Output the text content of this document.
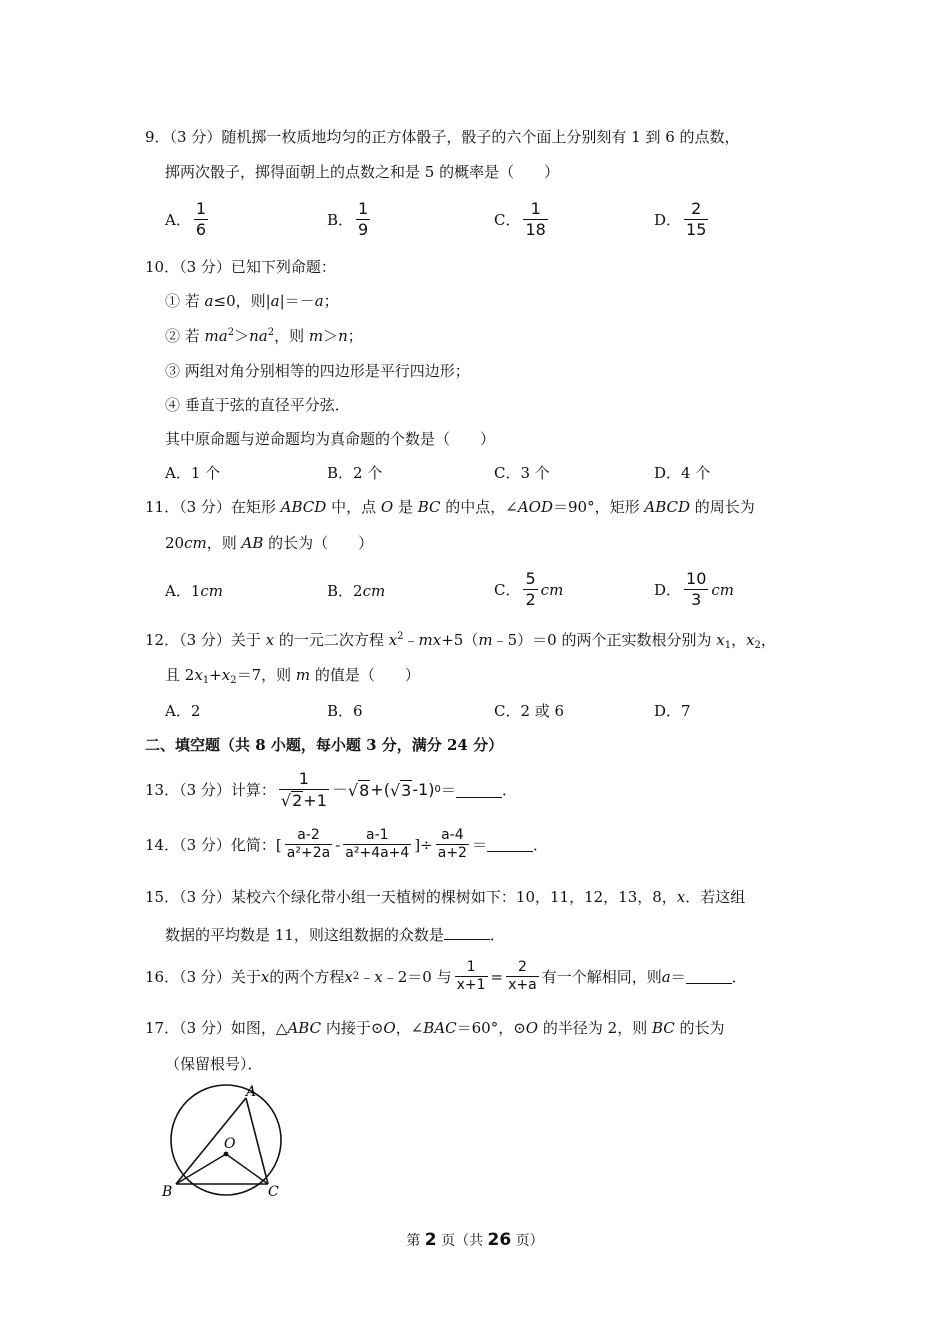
9．（3 分）随机掷一枚质地均匀的正方体骰子，骰子的六个面上分别刻有 1 到 6 的点数，
掷两次骰子，掷得面朝上的点数之和是 5 的概率是（　　）
A． $\frac{1}{6}$	B． $\frac{1}{9}$	C． $\frac{1}{18}$	D． $\frac{2}{15}$
10．（3 分）已知下列命题：
① 若 a≤0，则|a|＝－a；
② 若 $ma^2>na^2$，则 m＞n；
③ 两组对角分别相等的四边形是平行四边形；
④ 垂直于弦的直径平分弦．
其中原命题与逆命题均为真命题的个数是（　　）
A．1 个	B．2 个	C．3 个	D．4 个
11．（3 分）在矩形 ABCD 中，点 O 是 BC 的中点，∠AOD＝90°，矩形 ABCD 的周长为
20cm，则 AB 的长为（　　）
A．1cm	B．2cm	C． $\frac{5}{2}$ cm	D． $\frac{10}{3}$ cm
12．（3 分）关于 x 的一元二次方程 $x^2﹣mx+5(m﹣5)=0$ 的两个正实数根分别为 $x_1$，$x_2$，
且 $2x_1+x_2=7$，则 m 的值是（　　）
A．2	B．6	C．2 或 6	D．7
二、填空题（共 8 小题，每小题 3 分，满分 24 分）
13．（3 分）计算： $\frac{1}{√ 2 +1}$ － √ 8 +( √ 3 -1) 0 ＝	．
14．（3 分）化简：[ $\frac{a-2}{\text{a²+2a}} - \frac{a-1}{\text{a²+4a+4}}$ ]÷ $\frac{a-4}{a+2}$ ＝	．
15．（3 分）某校六个绿化带小组一天植树的棵树如下：10，11，12，13，8，x．若这组
数据的平均数是 11，则这组数据的众数是	．
16．（3 分）关于 x 的两个方程 x 2 ﹣ x ﹣2＝0 与 $\frac{1}{x+1} = \frac{2}{x+a}$ 有一个解相同，则 a ＝	．
17．（3 分）如图，△ABC 内接于⊙O，∠BAC＝60°，⊙O 的半径为 2，则 BC 的长为
（保留根号）．
A
B	C
O
第 2 页（共 26 页）
